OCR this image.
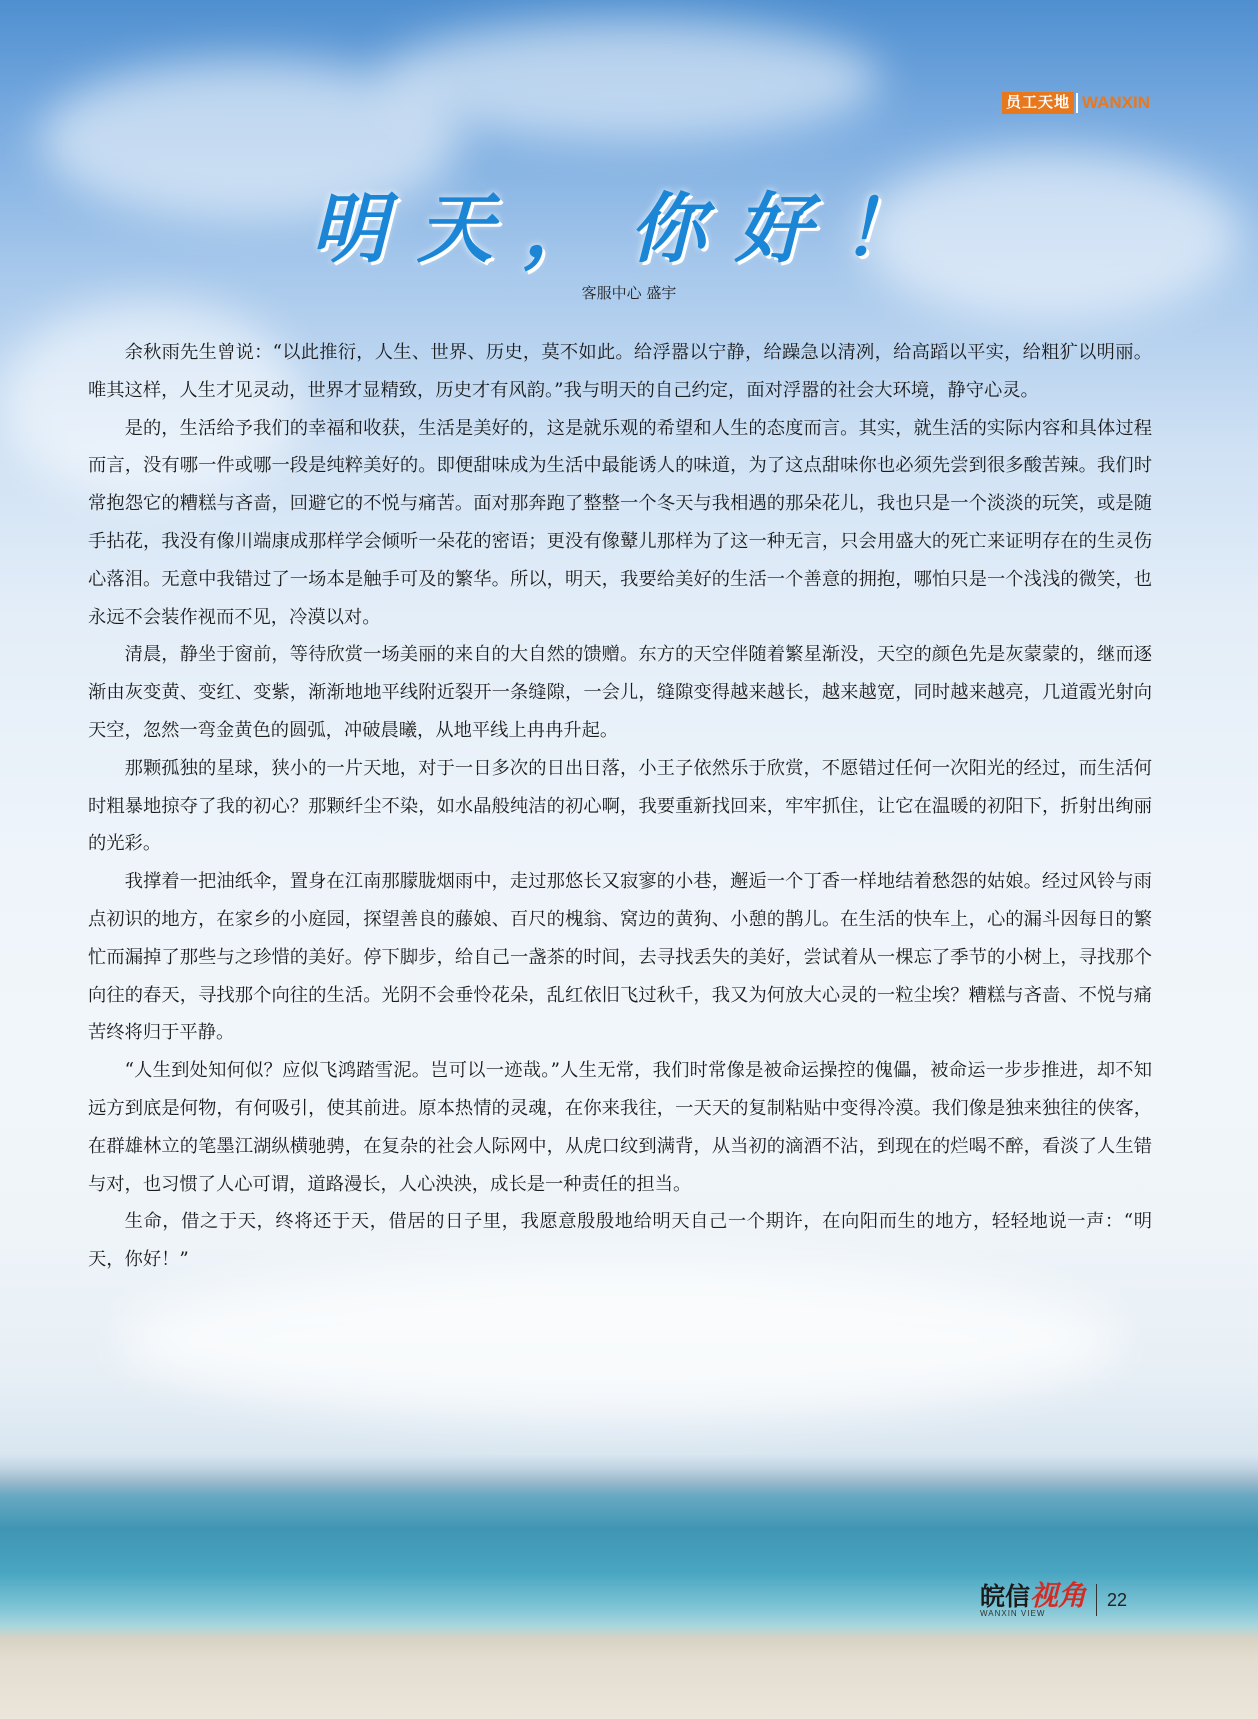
员工天地 WANXIN
明天，你好！
客服中心 盛宇

余秋雨先生曾说：“以此推衍，人生、世界、历史，莫不如此。给浮嚣以宁静，给躁急以清冽，给高蹈以平实，给粗犷以明丽。唯其这样，人生才见灵动，世界才显精致，历史才有风韵。”我与明天的自己约定，面对浮嚣的社会大环境，静守心灵。

是的，生活给予我们的幸福和收获，生活是美好的，这是就乐观的希望和人生的态度而言。其实，就生活的实际内容和具体过程而言，没有哪一件或哪一段是纯粹美好的。即便甜味成为生活中最能诱人的味道，为了这点甜味你也必须先尝到很多酸苦辣。我们时常抱怨它的糟糕与吝啬，回避它的不悦与痛苦。面对那奔跑了整整一个冬天与我相遇的那朵花儿，我也只是一个淡淡的玩笑，或是随手拈花，我没有像川端康成那样学会倾听一朵花的密语；更没有像鼙儿那样为了这一种无言，只会用盛大的死亡来证明存在的生灵伤心落泪。无意中我错过了一场本是触手可及的繁华。所以，明天，我要给美好的生活一个善意的拥抱，哪怕只是一个浅浅的微笑，也永远不会装作视而不见，冷漠以对。

清晨，静坐于窗前，等待欣赏一场美丽的来自的大自然的馈赠。东方的天空伴随着繁星渐没，天空的颜色先是灰蒙蒙的，继而逐渐由灰变黄、变红、变紫，渐渐地地平线附近裂开一条缝隙，一会儿，缝隙变得越来越长，越来越宽，同时越来越亮，几道霞光射向天空，忽然一弯金黄色的圆弧，冲破晨曦，从地平线上冉冉升起。

那颗孤独的星球，狭小的一片天地，对于一日多次的日出日落，小王子依然乐于欣赏，不愿错过任何一次阳光的经过，而生活何时粗暴地掠夺了我的初心？那颗纤尘不染，如水晶般纯洁的初心啊，我要重新找回来，牢牢抓住，让它在温暖的初阳下，折射出绚丽的光彩。

我撑着一把油纸伞，置身在江南那朦胧烟雨中，走过那悠长又寂寥的小巷，邂逅一个丁香一样地结着愁怨的姑娘。经过风铃与雨点初识的地方，在家乡的小庭园，探望善良的藤娘、百尺的槐翁、窝边的黄狗、小憩的鹊儿。在生活的快车上，心的漏斗因每日的繁忙而漏掉了那些与之珍惜的美好。停下脚步，给自己一盏茶的时间，去寻找丢失的美好，尝试着从一棵忘了季节的小树上，寻找那个向往的春天，寻找那个向往的生活。光阴不会垂怜花朵，乱红依旧飞过秋千，我又为何放大心灵的一粒尘埃？糟糕与吝啬、不悦与痛苦终将归于平静。

“人生到处知何似？应似飞鸿踏雪泥。岂可以一迹哉。”人生无常，我们时常像是被命运操控的傀儡，被命运一步步推进，却不知远方到底是何物，有何吸引，使其前进。原本热情的灵魂，在你来我往，一天天的复制粘贴中变得冷漠。我们像是独来独往的侠客，在群雄林立的笔墨江湖纵横驰骋，在复杂的社会人际网中，从虎口纹到满背，从当初的滴酒不沾，到现在的烂喝不醉，看淡了人生错与对，也习惯了人心可谓，道路漫长，人心泱泱，成长是一种责任的担当。

生命，借之于天，终将还于天，借居的日子里，我愿意殷殷地给明天自己一个期许，在向阳而生的地方，轻轻地说一声：“明天，你好！”

皖信 视角
WANXIN VIEW
22
